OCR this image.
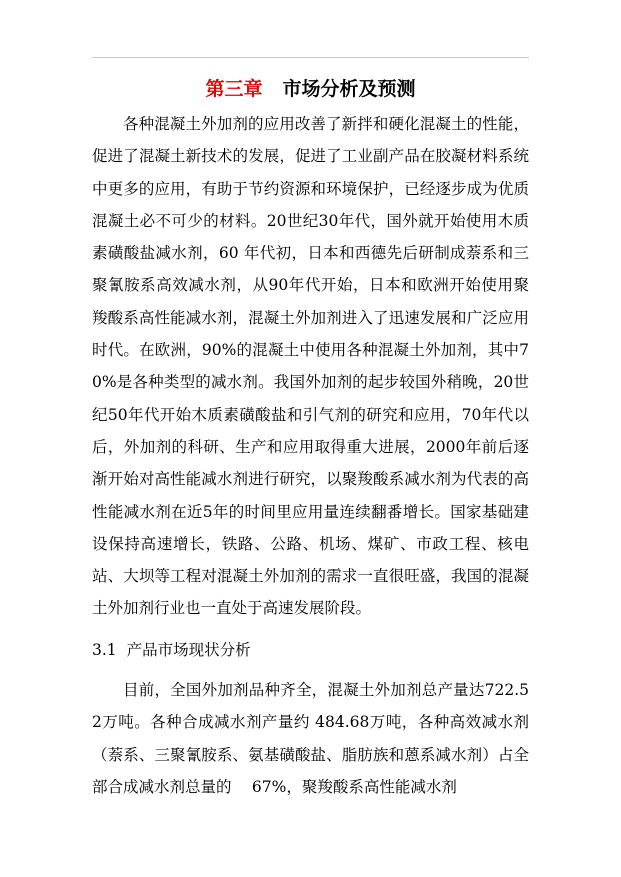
第三章 市场分析及预测
各种混凝土外加剂的应用改善了新拌和硬化混凝土的性能，促进了混凝土新技术的发展，促进了工业副产品在胶凝材料系统中更多的应用，有助于节约资源和环境保护，已经逐步成为优质混凝土必不可少的材料。20世纪30年代，国外就开始使用木质素磺酸盐减水剂，60 年代初，日本和西德先后研制成萘系和三聚氰胺系高效减水剂，从90年代开始，日本和欧洲开始使用聚羧酸系高性能减水剂，混凝土外加剂进入了迅速发展和广泛应用时代。在欧洲，90%的混凝土中使用各种混凝土外加剂，其中70%是各种类型的减水剂。我国外加剂的起步较国外稍晚，20世纪50年代开始木质素磺酸盐和引气剂的研究和应用，70年代以后，外加剂的科研、生产和应用取得重大进展，2000年前后逐渐开始对高性能减水剂进行研究，以聚羧酸系减水剂为代表的高性能减水剂在近5年的时间里应用量连续翻番增长。国家基础建设保持高速增长，铁路、公路、机场、煤矿、市政工程、核电站、大坝等工程对混凝土外加剂的需求一直很旺盛，我国的混凝土外加剂行业也一直处于高速发展阶段。
3.1 产品市场现状分析
目前，全国外加剂品种齐全，混凝土外加剂总产量达722.52万吨。各种合成减水剂产量约 484.68万吨，各种高效减水剂（萘系、三聚氰胺系、氨基磺酸盐、脂肪族和蒽系减水剂）占全部合成减水剂总量的　 67%，聚羧酸系高性能减水剂
